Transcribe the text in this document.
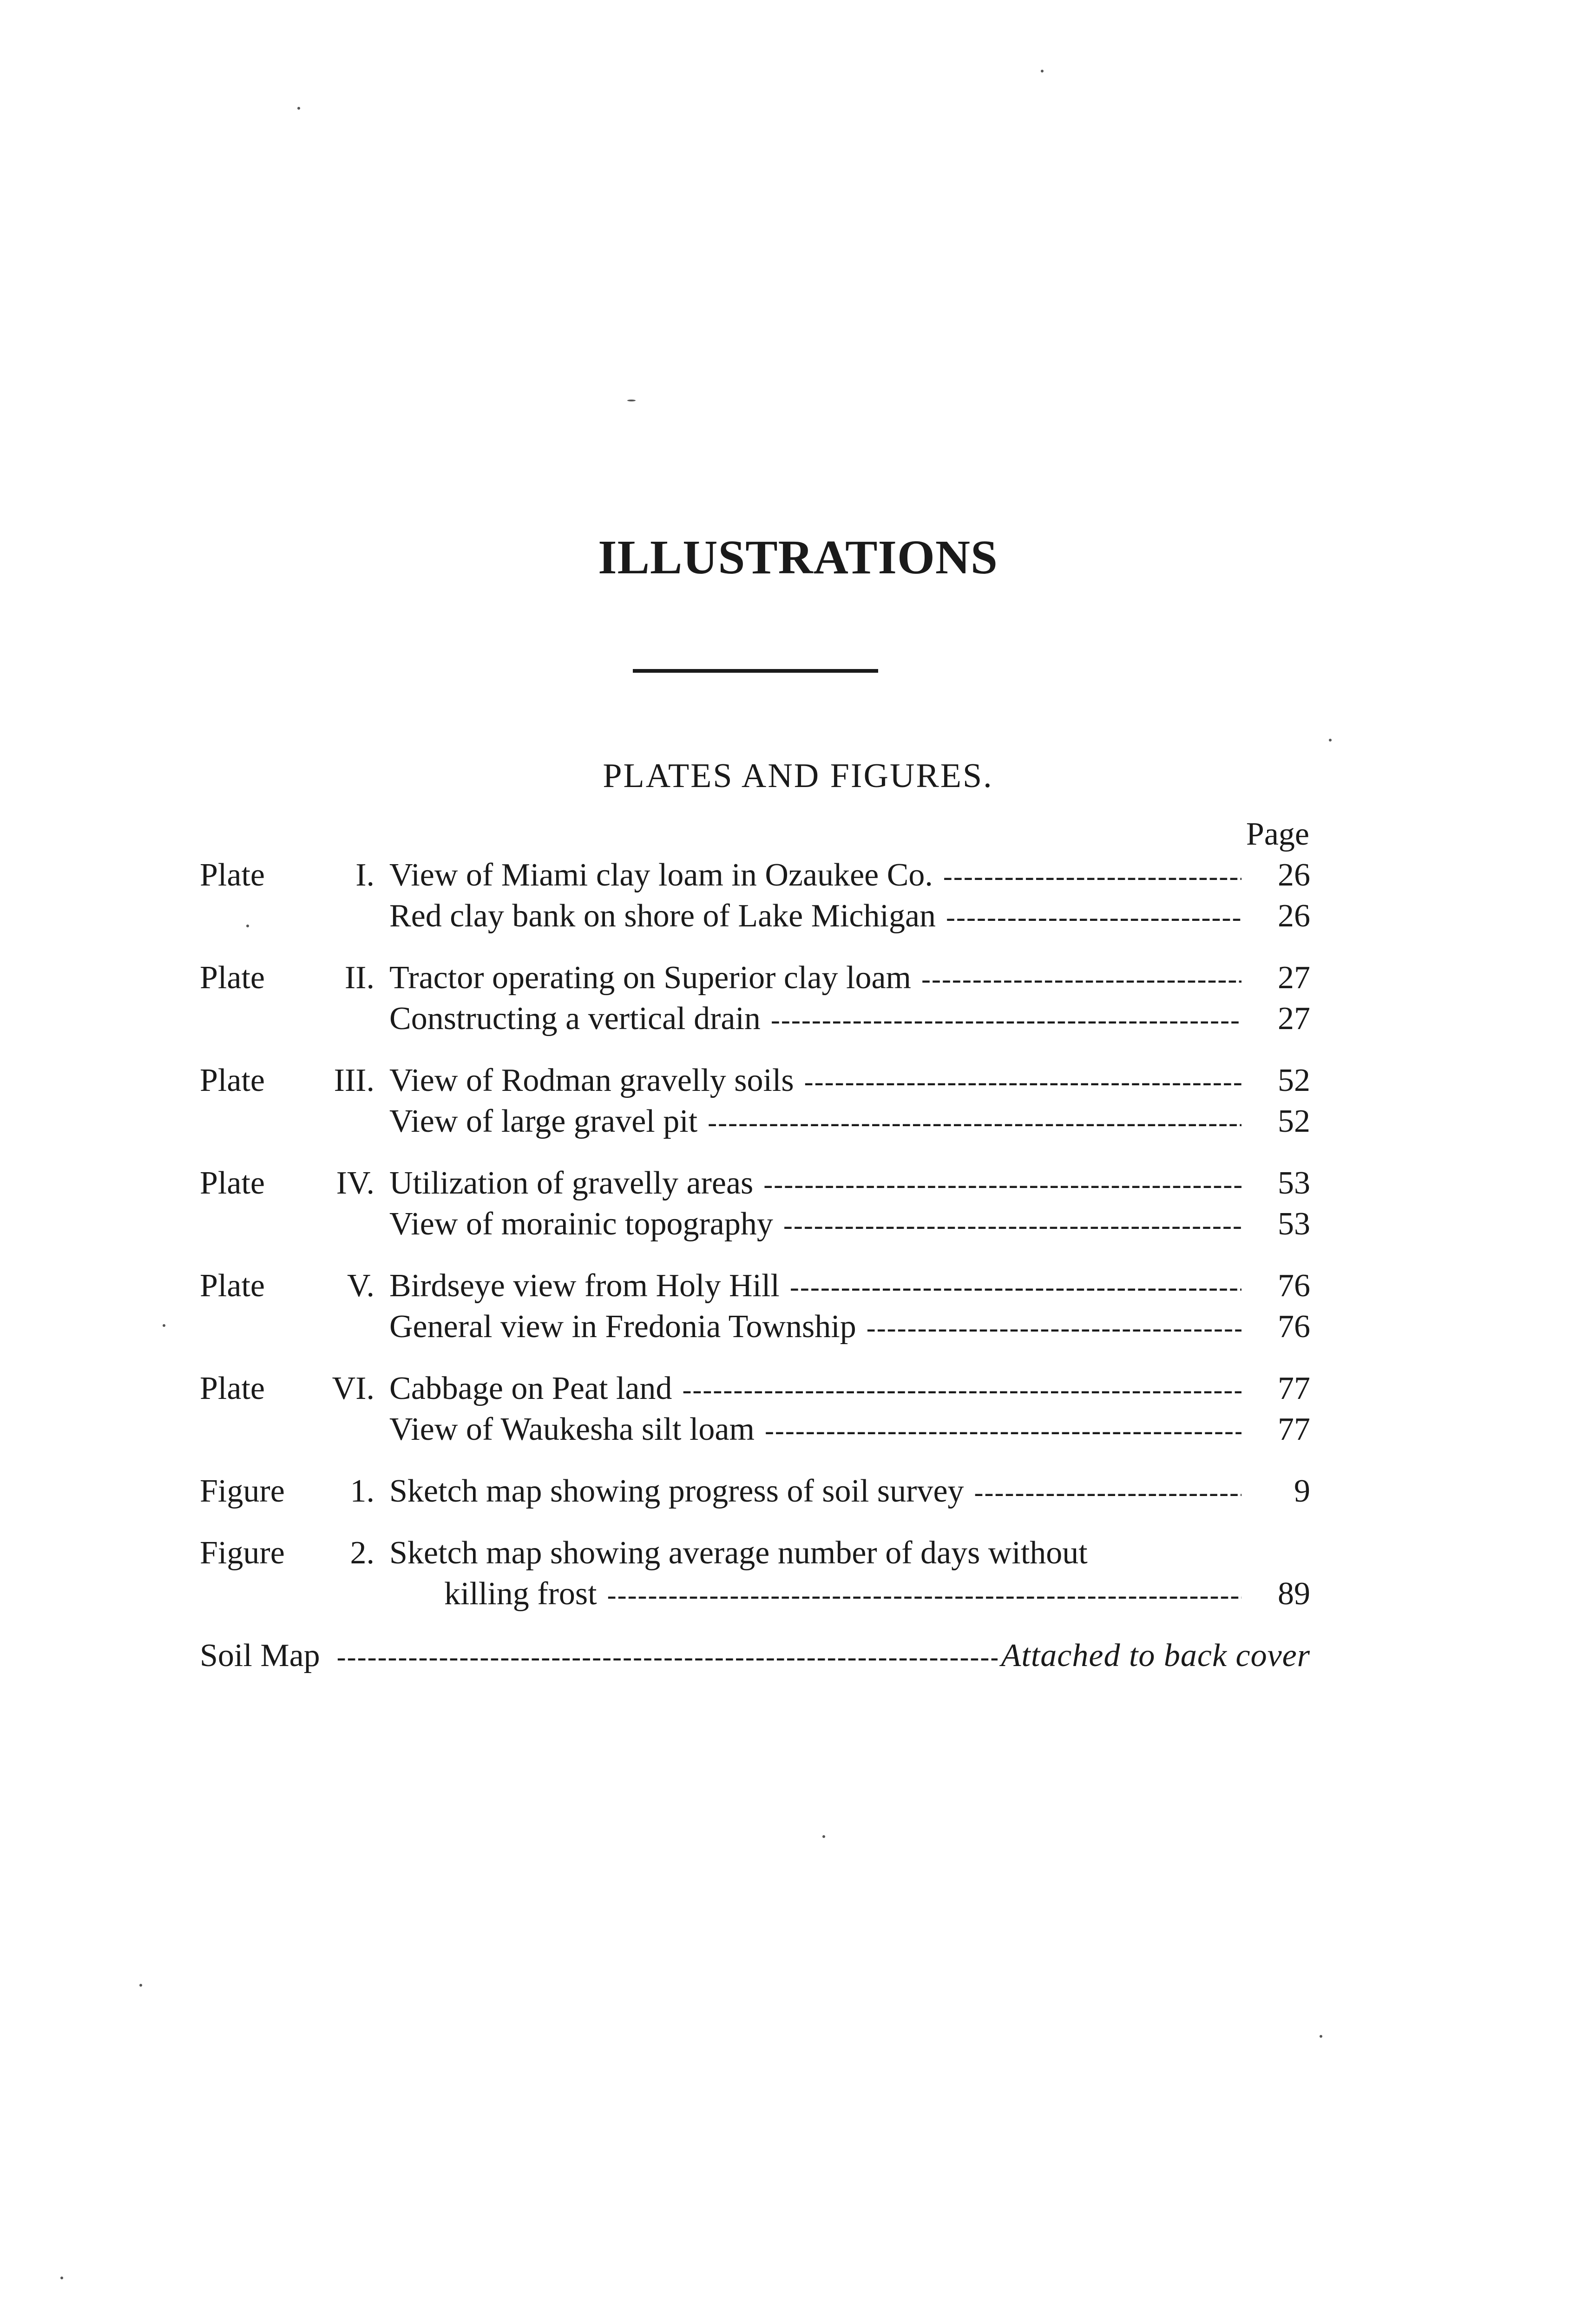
ILLUSTRATIONS
PLATES AND FIGURES.
Page
Plate	I. View of Miami clay loam in Ozaukee Co. -----	26
Red clay bank on shore of Lake Michigan -----	26
Plate II. Tractor operating on Superior clay loam -----	27
Constructing a vertical drain -----	27
Plate III. View of Rodman gravelly soils -----	52
View of large gravel pit -----	52
Plate IV. Utilization of gravelly areas -----	53
View of morainic topography -----	53
Plate	V. Birdseye view from Holy Hill -----	76
General view in Fredonia Township -----	76
Plate VI. Cabbage on Peat land -----	77
View of Waukesha silt loam -----	77
Figure 1. Sketch map showing progress of soil survey -----	9
Figure 2. Sketch map showing average number of days without
killing frost -----	89
Soil Map -----	Attached to back cover
